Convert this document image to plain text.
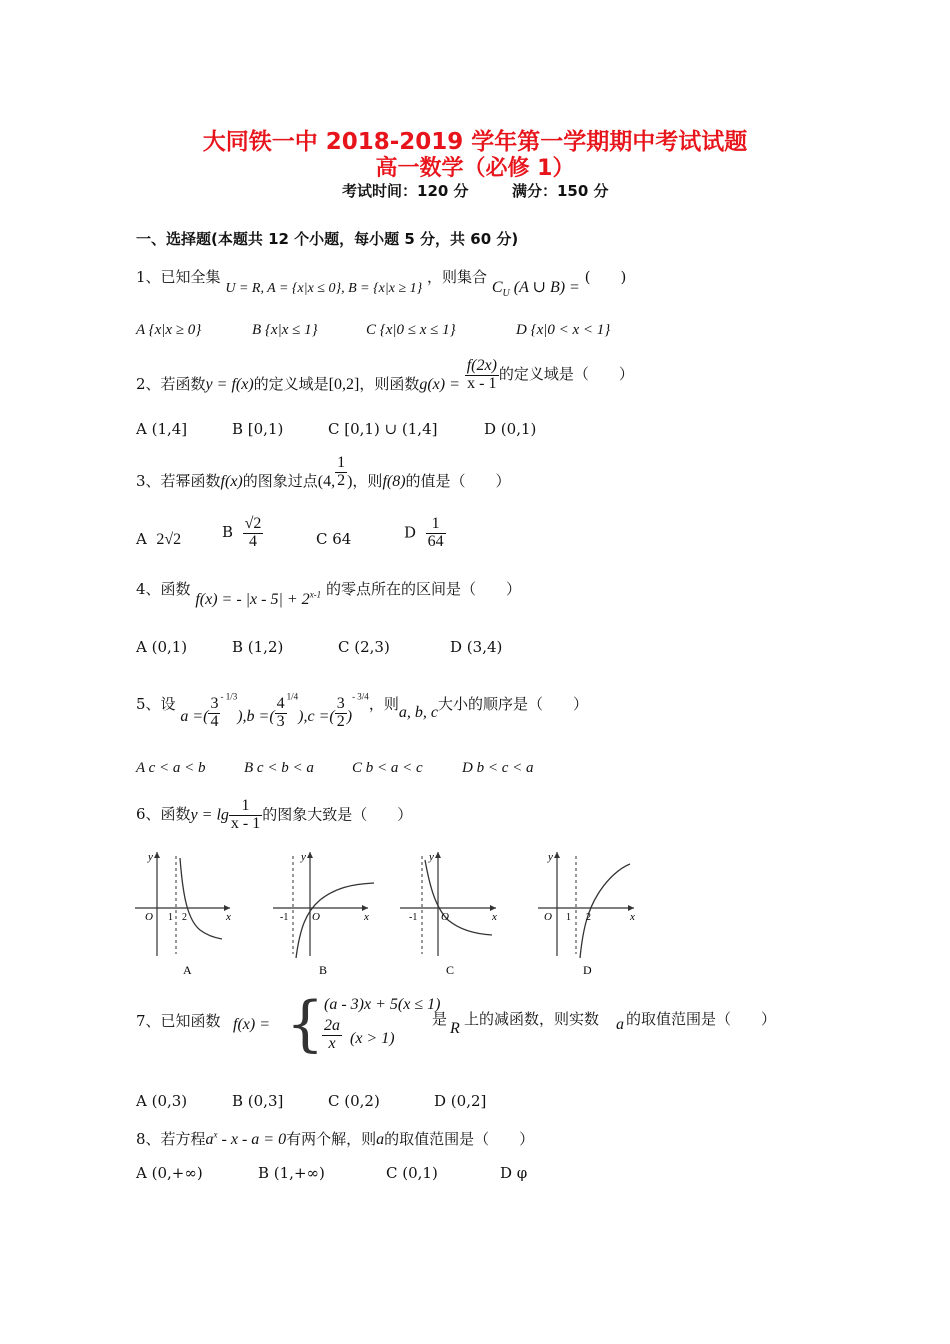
大同铁一中 2018-2019 学年第一学期期中考试试题
高一数学（必修 1）
考试时间：120 分	满分：150 分
一、选择题(本题共 12 个小题，每小题 5 分，共 60 分)
1、已知全集 U = R, A = {x|x ≤ 0}, B = {x|x ≥ 1} ，则集合 $C_U$ (A ∪ B) = (　　)
A {x|x ≥ 0}	B {x|x ≤ 1}	C {x|0 ≤ x ≤ 1}	D {x|0 < x < 1}
2、若函数y = f(x)的定义域是[0,2]，则函数$g(x) = \frac{f(2x)}{x - 1}$ 的定义域是（　　）
A (1,4]	B [0,1)	C [0,1) ∪ (1,4]	D (0,1)
3、若幂函数f(x)的图象过点(4, $\frac{1}{2}$ )，则f(8)的值是（　　）
A 2√2	B $\frac{√2}{4}$	C 64	D $\frac{1}{64}$
4、函数 f(x) = - $|x - 5| + 2^{x-1}$ 的零点所在的区间是（　　）
A (0,1)	B (1,2)	C (2,3)	D (3,4)
5、设 a =( $\frac{3}{4} ^{- 1/3}),b$ =( $\frac{4}{3} ^{1/4}),c$ =( $\frac{3}{2} )^{- 3/4}$，则a, b, c大小的顺序是（　　）
A c < a < b	B c < b < a	C b < a < c	D b < c < a
6、函数$y = \lg \frac{1}{x - 1}$ 的图象大致是（　　）
y
x
O 1 2
A
y
x
O
-1
B
y
x
O
-1
C
y
x
O 1 2
D
7、已知函数 f(x) = { (a - 3)x + 5(x ≤ 1)
$\frac{2a}{x} (x > 1)$
是
R
上的减函数，则实数 a 的取值范围是（　　）
A (0,3)	B (0,3]	C (0,2)	D (0,2]
8、若方程$a^x - x - a = 0$有两个解，则a的取值范围是（　　）
A (0,+∞)	B (1,+∞)	C (0,1)	D φ
